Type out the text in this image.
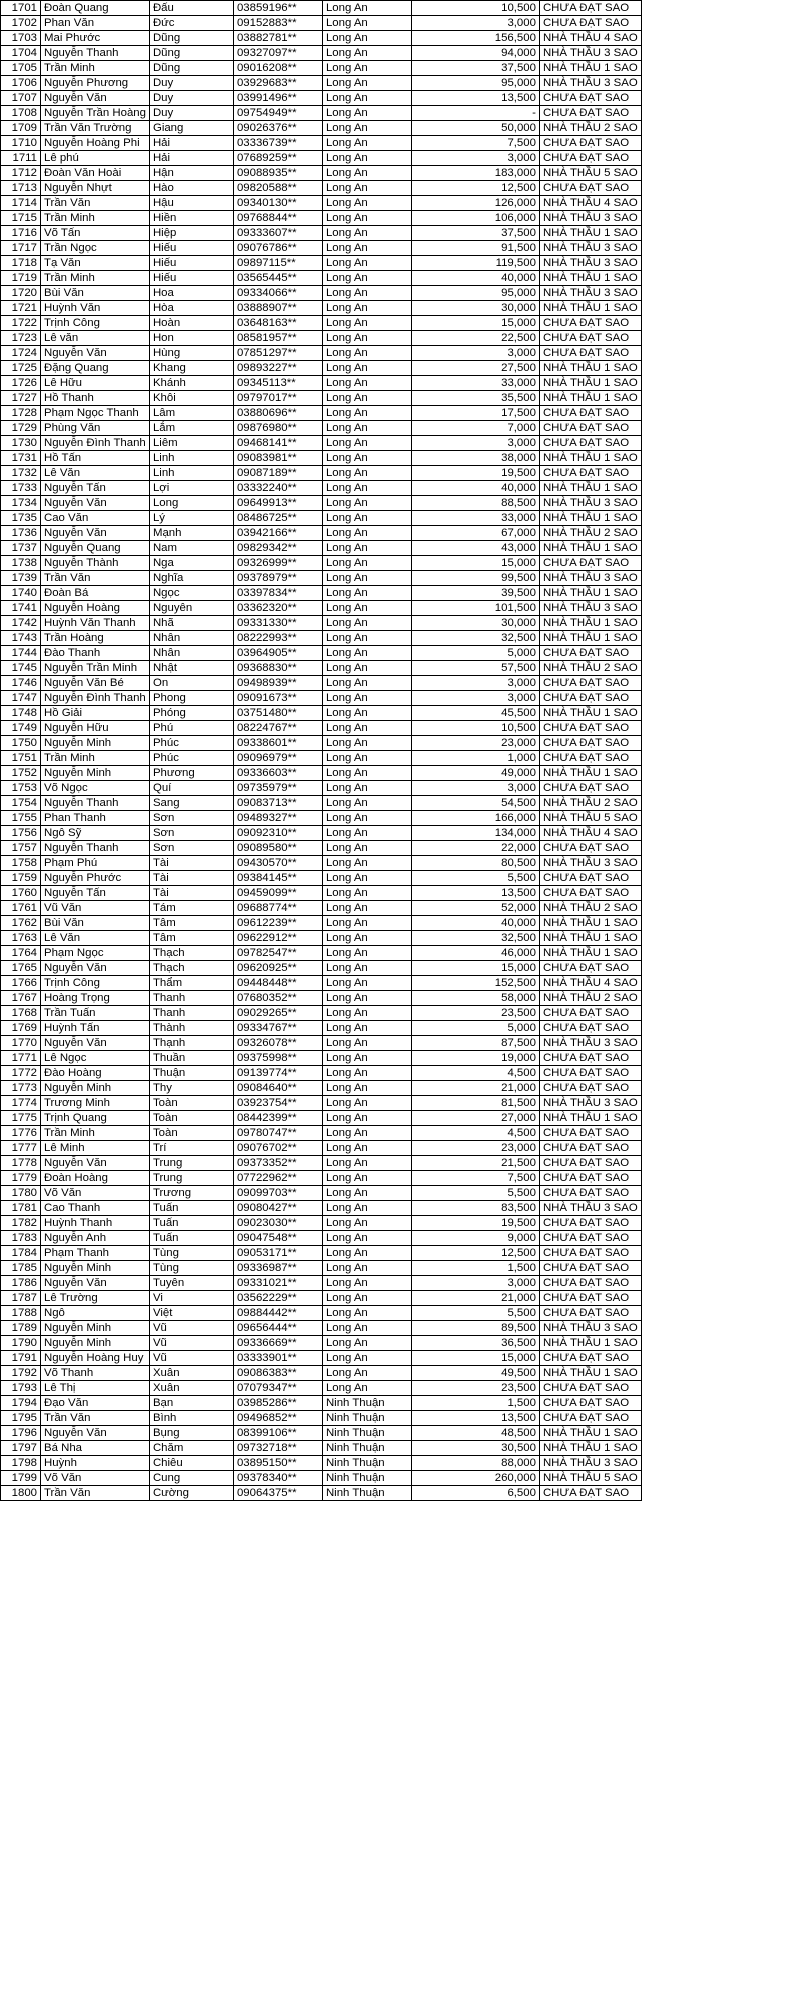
1701	Đoàn Quang	Đấu	03859196**	Long An	10,500	CHƯA ĐẠT SAO
1702	Phan Văn	Đức	09152883**	Long An	3,000	CHƯA ĐẠT SAO
1703	Mai Phước	Dũng	03882781**	Long An	156,500	NHÀ THẦU 4 SAO
1704	Nguyễn Thanh	Dũng	09327097**	Long An	94,000	NHÀ THẦU 3 SAO
1705	Trần Minh	Dũng	09016208**	Long An	37,500	NHÀ THẦU 1 SAO
1706	Nguyễn Phương	Duy	03929683**	Long An	95,000	NHÀ THẦU 3 SAO
1707	Nguyễn Văn	Duy	03991496**	Long An	13,500	CHƯA ĐẠT SAO
1708	Nguyễn Trần Hoàng	Duy	09754949**	Long An	-	CHƯA ĐẠT SAO
1709	Trần Văn Trường	Giang	09026376**	Long An	50,000	NHÀ THẦU 2 SAO
1710	Nguyễn Hoàng Phi	Hải	03336739**	Long An	7,500	CHƯA ĐẠT SAO
1711	Lê phú	Hải	07689259**	Long An	3,000	CHƯA ĐẠT SAO
1712	Đoàn Văn Hoài	Hận	09088935**	Long An	183,000	NHÀ THẦU 5 SAO
1713	Nguyễn Nhựt	Hào	09820588**	Long An	12,500	CHƯA ĐẠT SAO
1714	Trần Văn	Hậu	09340130**	Long An	126,000	NHÀ THẦU 4 SAO
1715	Trần Minh	Hiền	09768844**	Long An	106,000	NHÀ THẦU 3 SAO
1716	Võ Tấn	Hiệp	09333607**	Long An	37,500	NHÀ THẦU 1 SAO
1717	Trần Ngọc	Hiếu	09076786**	Long An	91,500	NHÀ THẦU 3 SAO
1718	Tạ Văn	Hiếu	09897115**	Long An	119,500	NHÀ THẦU 3 SAO
1719	Trần Minh	Hiếu	03565445**	Long An	40,000	NHÀ THẦU 1 SAO
1720	Bùi Văn	Hoa	09334066**	Long An	95,000	NHÀ THẦU 3 SAO
1721	Huỳnh Văn	Hòa	03888907**	Long An	30,000	NHÀ THẦU 1 SAO
1722	Trịnh Công	Hoàn	03648163**	Long An	15,000	CHƯA ĐẠT SAO
1723	Lê văn	Hon	08581957**	Long An	22,500	CHƯA ĐẠT SAO
1724	Nguyễn Văn	Hùng	07851297**	Long An	3,000	CHƯA ĐẠT SAO
1725	Đặng Quang	Khang	09893227**	Long An	27,500	NHÀ THẦU 1 SAO
1726	Lê Hữu	Khánh	09345113**	Long An	33,000	NHÀ THẦU 1 SAO
1727	Hồ Thanh	Khôi	09797017**	Long An	35,500	NHÀ THẦU 1 SAO
1728	Phạm Ngọc Thanh	Lâm	03880696**	Long An	17,500	CHƯA ĐẠT SAO
1729	Phùng Văn	Lắm	09876980**	Long An	7,000	CHƯA ĐẠT SAO
1730	Nguyễn Đình Thanh	Liêm	09468141**	Long An	3,000	CHƯA ĐẠT SAO
1731	Hồ Tấn	Linh	09083981**	Long An	38,000	NHÀ THẦU 1 SAO
1732	Lê Văn	Linh	09087189**	Long An	19,500	CHƯA ĐẠT SAO
1733	Nguyễn Tấn	Lợi	03332240**	Long An	40,000	NHÀ THẦU 1 SAO
1734	Nguyễn Văn	Long	09649913**	Long An	88,500	NHÀ THẦU 3 SAO
1735	Cao Văn	Lý	08486725**	Long An	33,000	NHÀ THẦU 1 SAO
1736	Nguyễn Văn	Mạnh	03942166**	Long An	67,000	NHÀ THẦU 2 SAO
1737	Nguyễn Quang	Nam	09829342**	Long An	43,000	NHÀ THẦU 1 SAO
1738	Nguyễn Thành	Nga	09326999**	Long An	15,000	CHƯA ĐẠT SAO
1739	Trần Văn	Nghĩa	09378979**	Long An	99,500	NHÀ THẦU 3 SAO
1740	Đoàn Bá	Ngọc	03397834**	Long An	39,500	NHÀ THẦU 1 SAO
1741	Nguyễn Hoàng	Nguyên	03362320**	Long An	101,500	NHÀ THẦU 3 SAO
1742	Huỳnh Văn Thanh	Nhã	09331330**	Long An	30,000	NHÀ THẦU 1 SAO
1743	Trần Hoàng	Nhân	08222993**	Long An	32,500	NHÀ THẦU 1 SAO
1744	Đào Thanh	Nhân	03964905**	Long An	5,000	CHƯA ĐẠT SAO
1745	Nguyễn Trần Minh	Nhật	09368830**	Long An	57,500	NHÀ THẦU 2 SAO
1746	Nguyễn Văn Bé	On	09498939**	Long An	3,000	CHƯA ĐẠT SAO
1747	Nguyễn Đình Thanh	Phong	09091673**	Long An	3,000	CHƯA ĐẠT SAO
1748	Hồ Giải	Phóng	03751480**	Long An	45,500	NHÀ THẦU 1 SAO
1749	Nguyễn Hữu	Phú	08224767**	Long An	10,500	CHƯA ĐẠT SAO
1750	Nguyễn Minh	Phúc	09338601**	Long An	23,000	CHƯA ĐẠT SAO
1751	Trần Minh	Phúc	09096979**	Long An	1,000	CHƯA ĐẠT SAO
1752	Nguyễn Minh	Phương	09336603**	Long An	49,000	NHÀ THẦU 1 SAO
1753	Võ Ngọc	Quí	09735979**	Long An	3,000	CHƯA ĐẠT SAO
1754	Nguyễn Thanh	Sang	09083713**	Long An	54,500	NHÀ THẦU 2 SAO
1755	Phan Thanh	Sơn	09489327**	Long An	166,000	NHÀ THẦU 5 SAO
1756	Ngô Sỹ	Sơn	09092310**	Long An	134,000	NHÀ THẦU 4 SAO
1757	Nguyễn Thanh	Sơn	09089580**	Long An	22,000	CHƯA ĐẠT SAO
1758	Phạm Phú	Tài	09430570**	Long An	80,500	NHÀ THẦU 3 SAO
1759	Nguyễn Phước	Tài	09384145**	Long An	5,500	CHƯA ĐẠT SAO
1760	Nguyễn Tấn	Tài	09459099**	Long An	13,500	CHƯA ĐẠT SAO
1761	Vũ Văn	Tám	09688774**	Long An	52,000	NHÀ THẦU 2 SAO
1762	Bùi Văn	Tâm	09612239**	Long An	40,000	NHÀ THẦU 1 SAO
1763	Lê Văn	Tâm	09622912**	Long An	32,500	NHÀ THẦU 1 SAO
1764	Phạm Ngọc	Thạch	09782547**	Long An	46,000	NHÀ THẦU 1 SAO
1765	Nguyễn Văn	Thạch	09620925**	Long An	15,000	CHƯA ĐẠT SAO
1766	Trịnh Công	Thẩm	09448448**	Long An	152,500	NHÀ THẦU 4 SAO
1767	Hoàng Trọng	Thanh	07680352**	Long An	58,000	NHÀ THẦU 2 SAO
1768	Trần Tuấn	Thanh	09029265**	Long An	23,500	CHƯA ĐẠT SAO
1769	Huỳnh Tấn	Thành	09334767**	Long An	5,000	CHƯA ĐẠT SAO
1770	Nguyễn Văn	Thạnh	09326078**	Long An	87,500	NHÀ THẦU 3 SAO
1771	Lê Ngọc	Thuần	09375998**	Long An	19,000	CHƯA ĐẠT SAO
1772	Đào Hoàng	Thuận	09139774**	Long An	4,500	CHƯA ĐẠT SAO
1773	Nguyễn Minh	Thy	09084640**	Long An	21,000	CHƯA ĐẠT SAO
1774	Trương Minh	Toàn	03923754**	Long An	81,500	NHÀ THẦU 3 SAO
1775	Trịnh Quang	Toàn	08442399**	Long An	27,000	NHÀ THẦU 1 SAO
1776	Trần Minh	Toàn	09780747**	Long An	4,500	CHƯA ĐẠT SAO
1777	Lê Minh	Trí	09076702**	Long An	23,000	CHƯA ĐẠT SAO
1778	Nguyễn Văn	Trung	09373352**	Long An	21,500	CHƯA ĐẠT SAO
1779	Đoàn Hoàng	Trung	07722962**	Long An	7,500	CHƯA ĐẠT SAO
1780	Võ Văn	Trương	09099703**	Long An	5,500	CHƯA ĐẠT SAO
1781	Cao Thanh	Tuấn	09080427**	Long An	83,500	NHÀ THẦU 3 SAO
1782	Huỳnh Thanh	Tuấn	09023030**	Long An	19,500	CHƯA ĐẠT SAO
1783	Nguyễn Anh	Tuấn	09047548**	Long An	9,000	CHƯA ĐẠT SAO
1784	Phạm Thanh	Tùng	09053171**	Long An	12,500	CHƯA ĐẠT SAO
1785	Nguyễn Minh	Tùng	09336987**	Long An	1,500	CHƯA ĐẠT SAO
1786	Nguyễn Văn	Tuyên	09331021**	Long An	3,000	CHƯA ĐẠT SAO
1787	Lê Trường	Vi	03562229**	Long An	21,000	CHƯA ĐẠT SAO
1788	Ngô	Việt	09884442**	Long An	5,500	CHƯA ĐẠT SAO
1789	Nguyễn Minh	Vũ	09656444**	Long An	89,500	NHÀ THẦU 3 SAO
1790	Nguyễn Minh	Vũ	09336669**	Long An	36,500	NHÀ THẦU 1 SAO
1791	Nguyễn Hoàng Huy	Vũ	03333901**	Long An	15,000	CHƯA ĐẠT SAO
1792	Võ Thanh	Xuân	09086383**	Long An	49,500	NHÀ THẦU 1 SAO
1793	Lê Thị	Xuân	07079347**	Long An	23,500	CHƯA ĐẠT SAO
1794	Đạo Văn	Bạn	03985286**	Ninh Thuận	1,500	CHƯA ĐẠT SAO
1795	Trần Văn	Bình	09496852**	Ninh Thuận	13,500	CHƯA ĐẠT SAO
1796	Nguyễn Văn	Bụng	08399106**	Ninh Thuận	48,500	NHÀ THẦU 1 SAO
1797	Bá Nha	Chăm	09732718**	Ninh Thuận	30,500	NHÀ THẦU 1 SAO
1798	Huỳnh	Chiêu	03895150**	Ninh Thuận	88,000	NHÀ THẦU 3 SAO
1799	Võ Văn	Cung	09378340**	Ninh Thuận	260,000	NHÀ THẦU 5 SAO
1800	Trần Văn	Cường	09064375**	Ninh Thuận	6,500	CHƯA ĐẠT SAO
